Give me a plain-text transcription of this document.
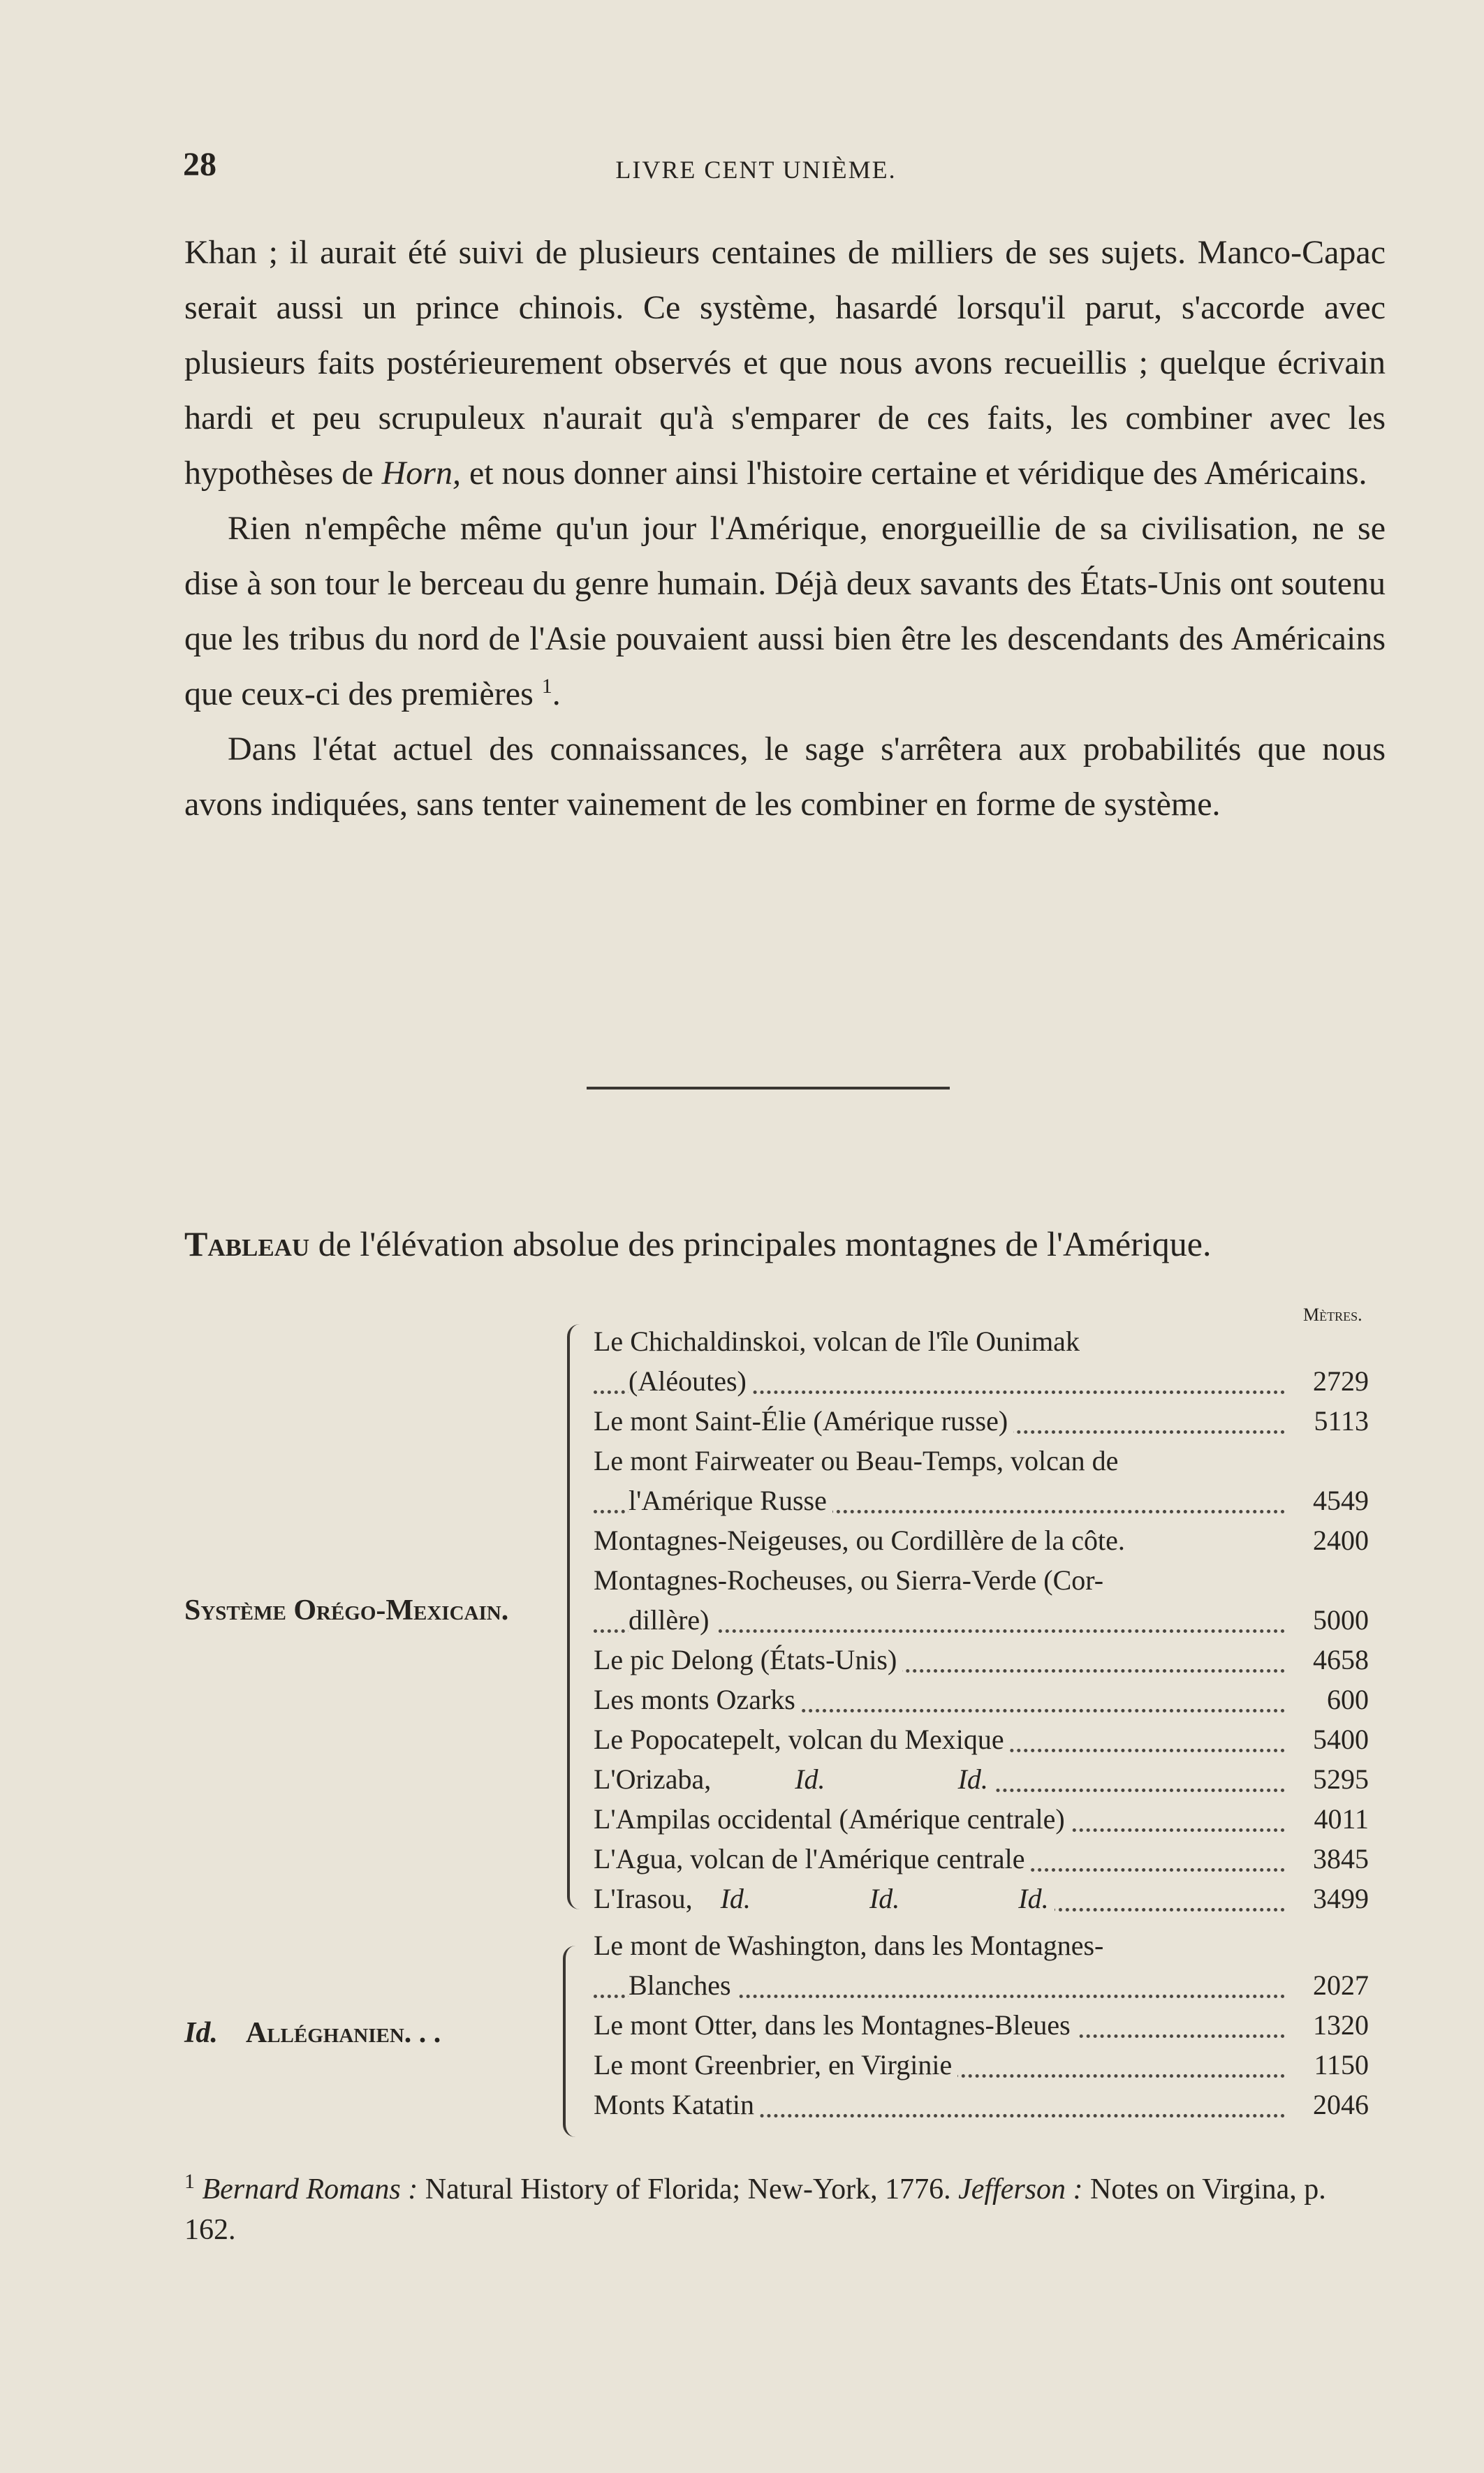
28	LIVRE CENT UNIÈME.

Khan ; il aurait été suivi de plusieurs centaines de milliers de ses sujets. Manco-Capac serait aussi un prince chinois. Ce système, hasardé lorsqu'il parut, s'accorde avec plusieurs faits postérieurement observés et que nous avons recueillis ; quelque écrivain hardi et peu scrupuleux n'aurait qu'à s'emparer de ces faits, les combiner avec les hypothèses de Horn, et nous donner ainsi l'histoire certaine et véridique des Américains.

Rien n'empêche même qu'un jour l'Amérique, enorgueillie de sa civilisation, ne se dise à son tour le berceau du genre humain. Déjà deux savants des États-Unis ont soutenu que les tribus du nord de l'Asie pouvaient aussi bien être les descendants des Américains que ceux-ci des premières $^1$.

Dans l'état actuel des connaissances, le sage s'arrêtera aux probabilités que nous avons indiquées, sans tenter vainement de les combiner en forme de système.

Tableau de l'élévation absolue des principales montagnes de l'Amérique.
Mètres.
Système Orégo-Mexicain.
Id. Alléghanien. . .
Le Chichaldinskoi, volcan de l'île Ounimak
(Aléoutes)	2729
Le mont Saint-Élie (Amérique russe)	5113
Le mont Fairweater ou Beau-Temps, volcan de
l'Amérique Russe	4549
Montagnes-Neigeuses, ou Cordillère de la côte.	2400
Montagnes-Rocheuses, ou Sierra-Verde (Cor-
dillère)	5000
Le pic Delong (États-Unis)	4658
Les monts Ozarks	600
Le Popocatepelt, volcan du Mexique	5400
L'Orizaba,	Id.	Id.	5295
L'Ampilas occidental (Amérique centrale)	4011
L'Agua, volcan de l'Amérique centrale	3845
L'Irasou, Id.	Id.	Id.	3499
Le mont de Washington, dans les Montagnes-
Blanches	2027
Le mont Otter, dans les Montagnes-Bleues	1320
Le mont Greenbrier, en Virginie	1150
Monts Katatin	2046
$^1$ Bernard Romans : Natural History of Florida; New-York, 1776. Jefferson : Notes on Virgina, p. 162.
